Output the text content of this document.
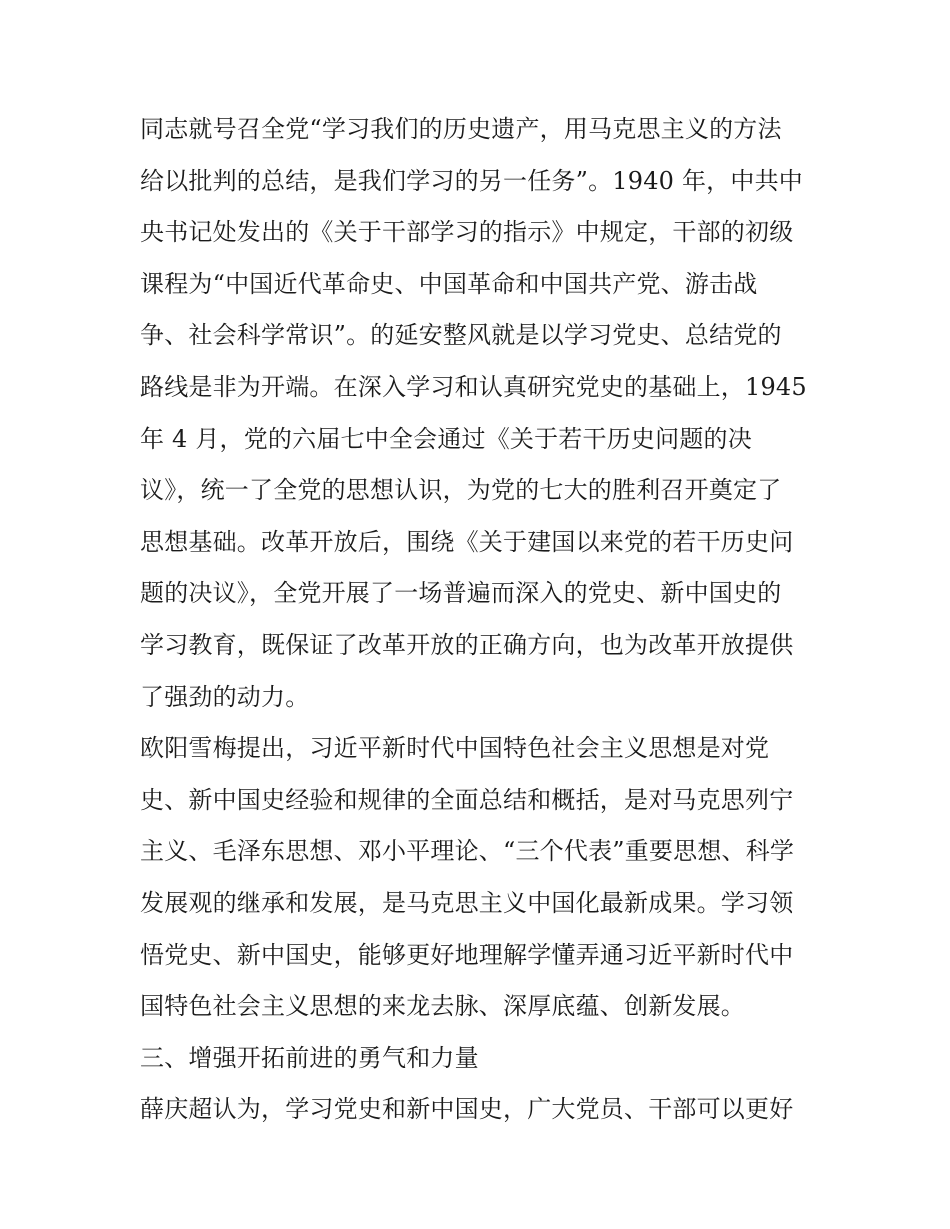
同志就号召全党“学习我们的历史遗产，用马克思主义的方法
给以批判的总结，是我们学习的另一任务”。1940 年，中共中
央书记处发出的《关于干部学习的指示》中规定，干部的初级
课程为“中国近代革命史、中国革命和中国共产党、游击战
争、社会科学常识”。的延安整风就是以学习党史、总结党的
路线是非为开端。在深入学习和认真研究党史的基础上，1945
年 4 月，党的六届七中全会通过《关于若干历史问题的决
议》，统一了全党的思想认识，为党的七大的胜利召开奠定了
思想基础。改革开放后，围绕《关于建国以来党的若干历史问
题的决议》，全党开展了一场普遍而深入的党史、新中国史的
学习教育，既保证了改革开放的正确方向，也为改革开放提供
了强劲的动力。
欧阳雪梅提出，习近平新时代中国特色社会主义思想是对党
史、新中国史经验和规律的全面总结和概括，是对马克思列宁
主义、毛泽东思想、邓小平理论、“三个代表”重要思想、科学
发展观的继承和发展，是马克思主义中国化最新成果。学习领
悟党史、新中国史，能够更好地理解学懂弄通习近平新时代中
国特色社会主义思想的来龙去脉、深厚底蕴、创新发展。
三、增强开拓前进的勇气和力量
薛庆超认为，学习党史和新中国史，广大党员、干部可以更好
